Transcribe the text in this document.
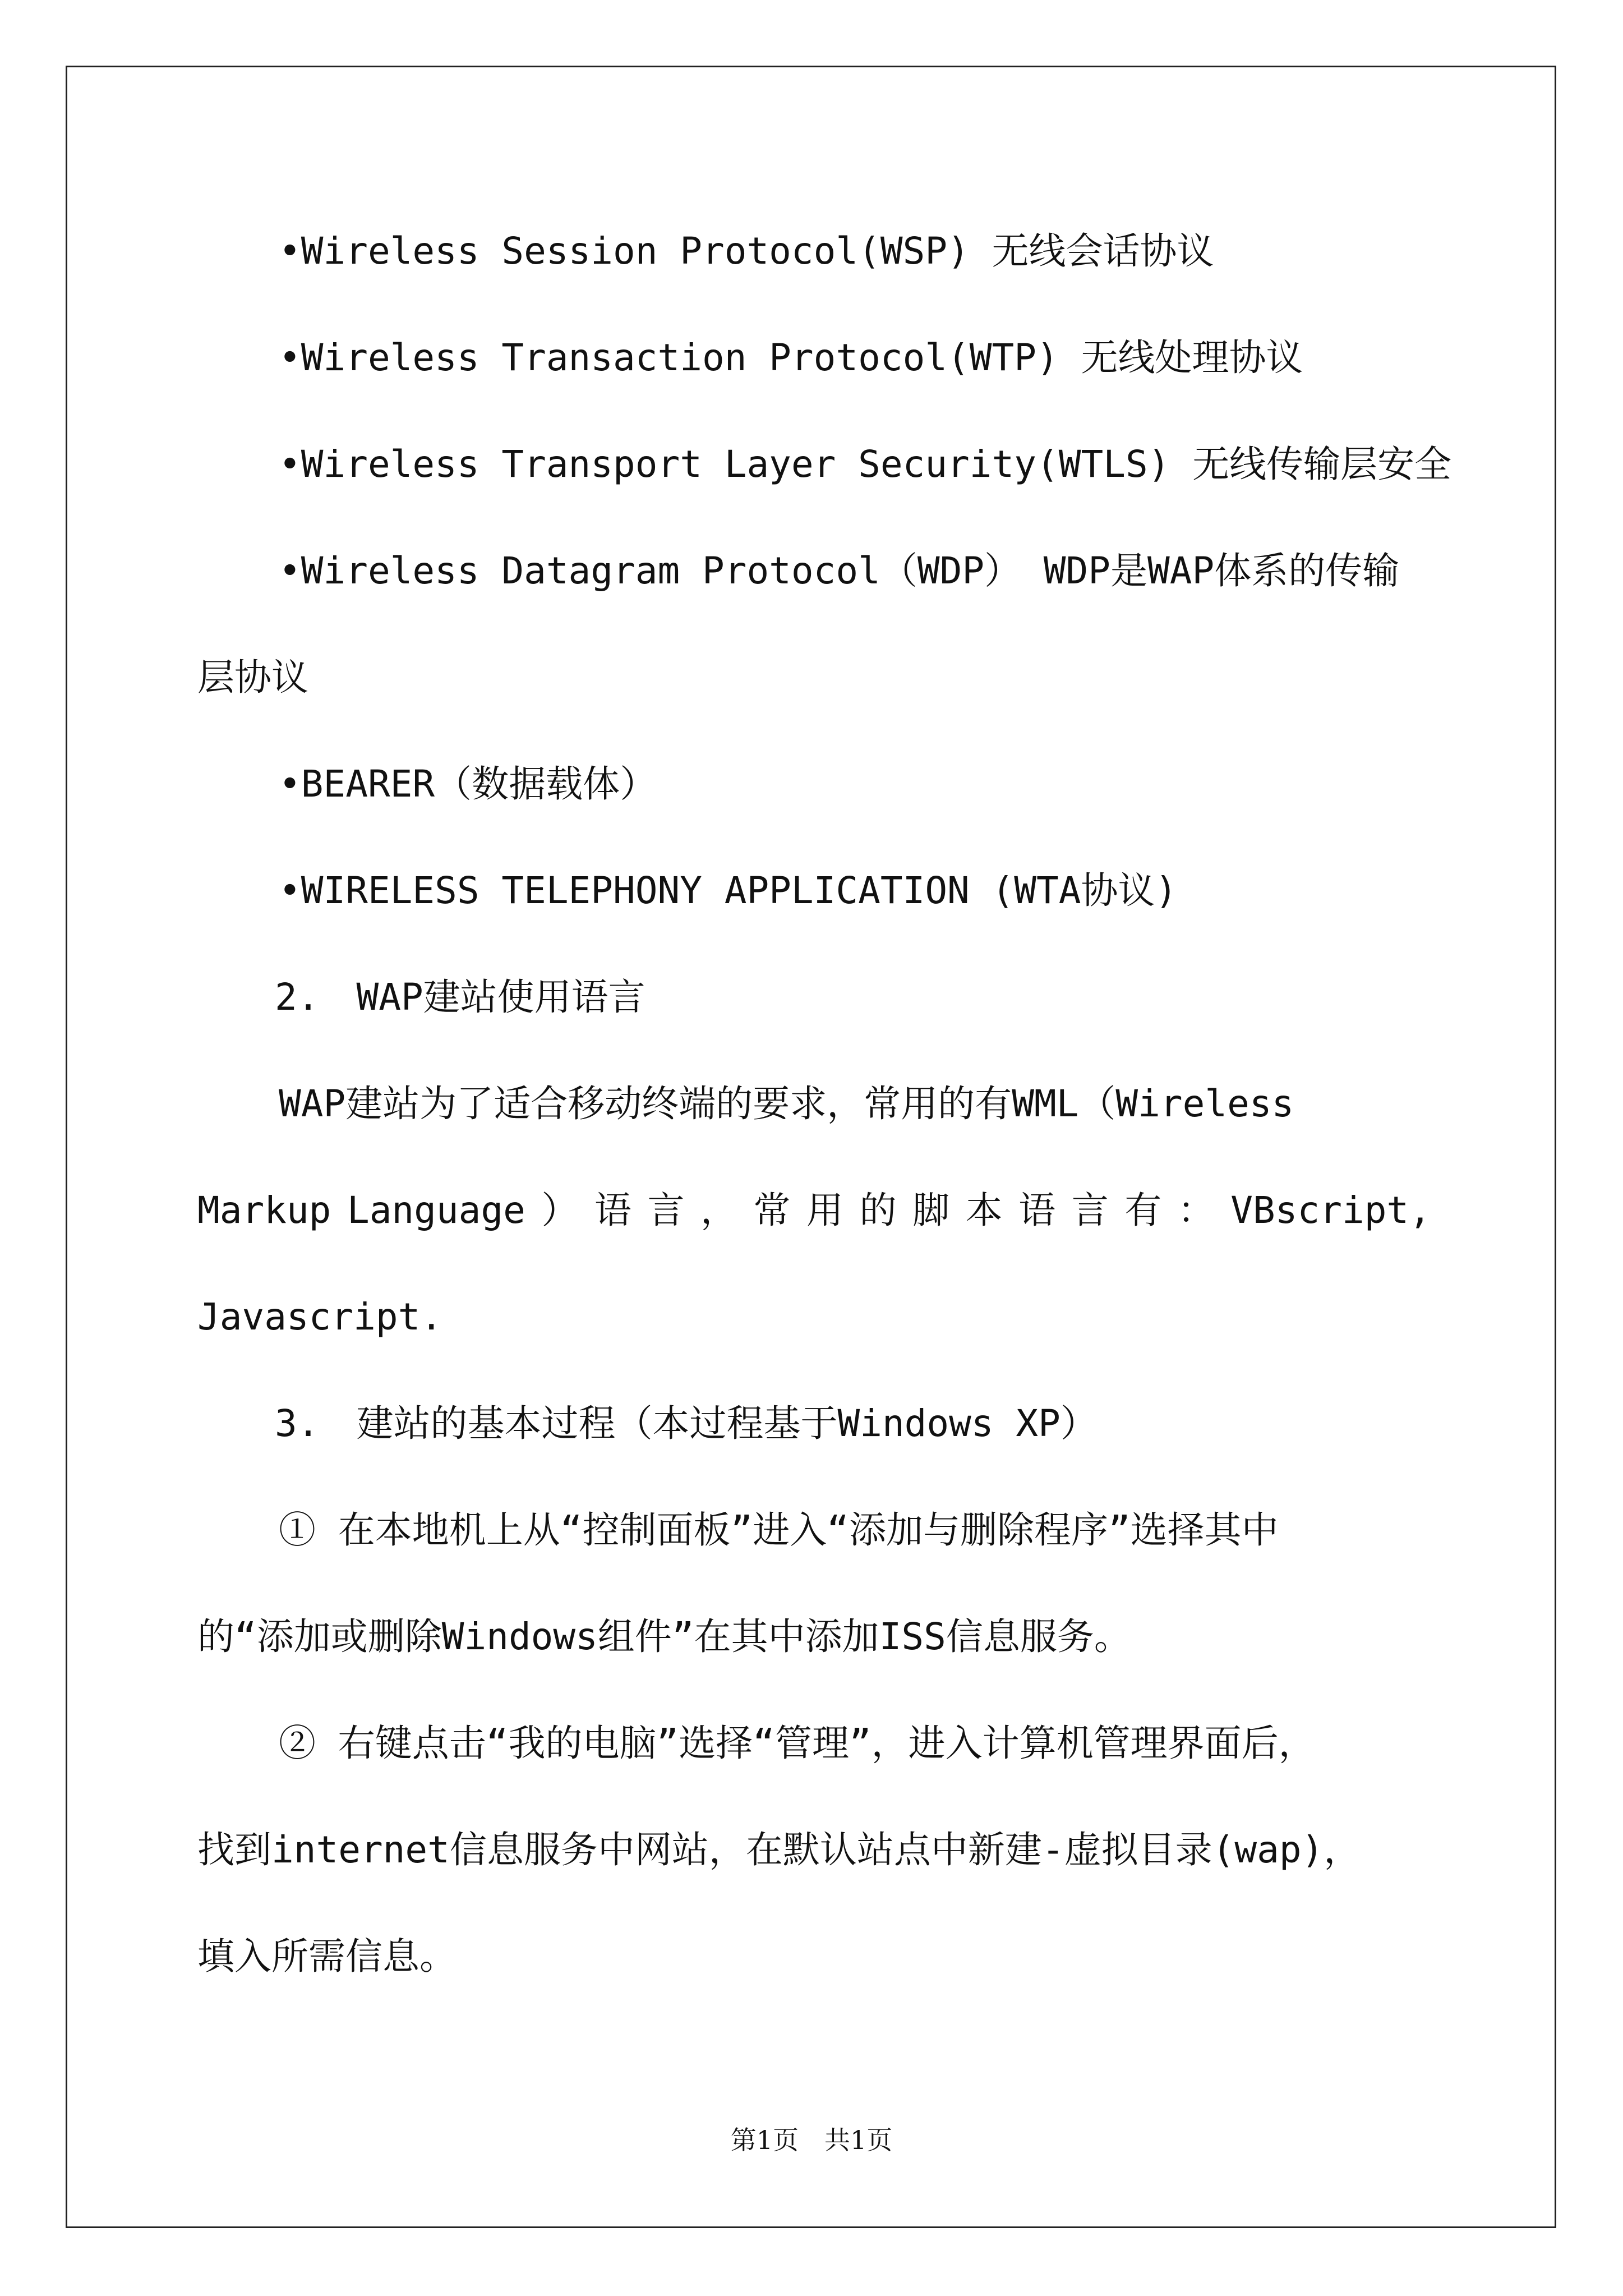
•Wireless Session Protocol(WSP) 无线会话协议
•Wireless Transaction Protocol(WTP) 无线处理协议
•Wireless Transport Layer Security(WTLS) 无线传输层安全
•Wireless Datagram Protocol（WDP） WDP是WAP体系的传输
层协议
•BEARER（数据载体）
•WIRELESS TELEPHONY APPLICATION (WTA协议)
2.　WAP建站使用语言
WAP建站为了适合移动终端的要求，常用的有WML（Wireless
Markup Language ） 语 言 ， 常 用 的 脚 本 语 言 有 ： VBscript,
Javascript.
3.　建站的基本过程（本过程基于Windows XP）
① 在本地机上从“控制面板”进入“添加与删除程序”选择其中
的“添加或删除Windows组件”在其中添加ISS信息服务。
② 右键点击“我的电脑”选择“管理”，进入计算机管理界面后，
找到internet信息服务中网站，在默认站点中新建-虚拟目录(wap)，
填入所需信息。
第1页　共1页
